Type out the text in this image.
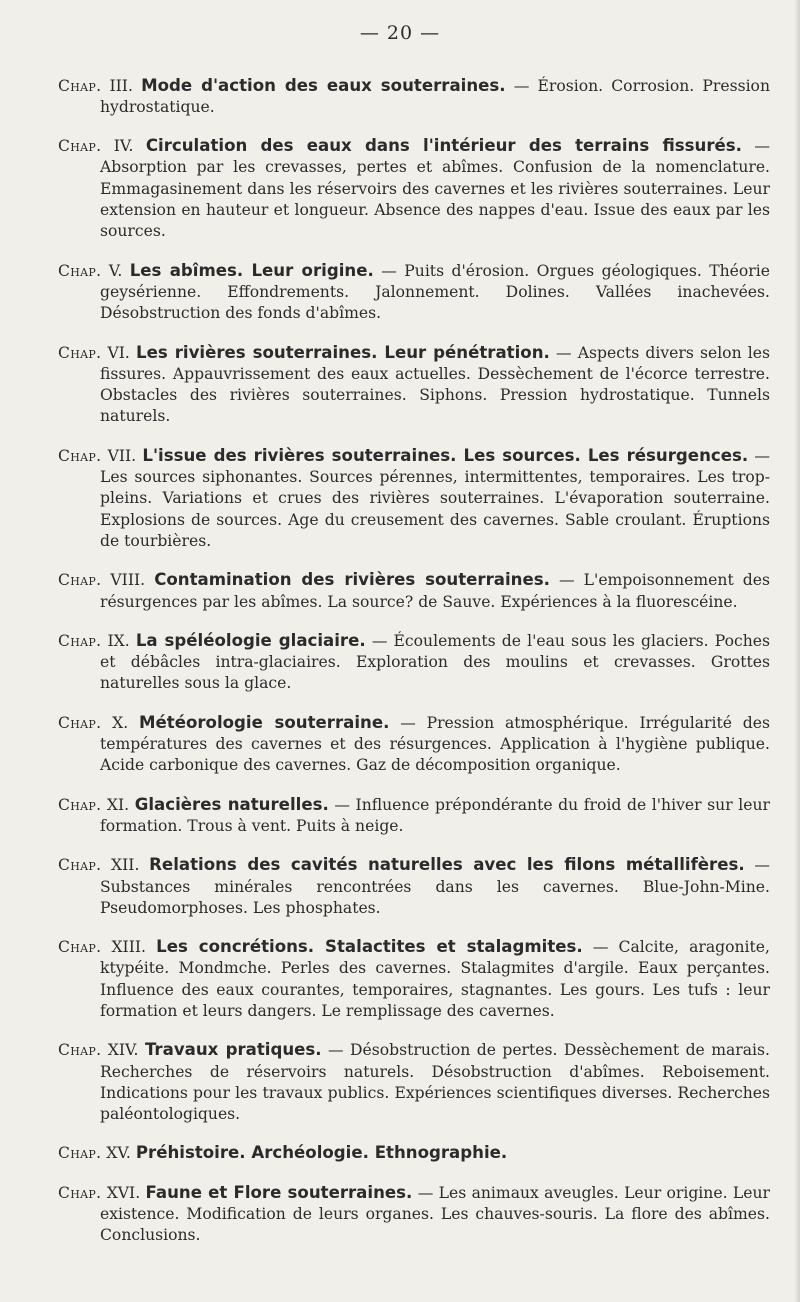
— 20 —

Chap. III. Mode d'action des eaux souterraines. — Érosion. Corrosion. Pression hydrostatique.

Chap. IV. Circulation des eaux dans l'intérieur des terrains fissurés. — Absorption par les crevasses, pertes et abîmes. Confusion de la nomenclature. Emmagasinement dans les réservoirs des cavernes et les rivières souterraines. Leur extension en hauteur et longueur. Absence des nappes d'eau. Issue des eaux par les sources.

Chap. V. Les abîmes. Leur origine. — Puits d'érosion. Orgues géologiques. Théorie geysérienne. Effondrements. Jalonnement. Dolines. Vallées inachevées. Désobstruction des fonds d'abîmes.

Chap. VI. Les rivières souterraines. Leur pénétration. — Aspects divers selon les fissures. Appauvrissement des eaux actuelles. Dessèchement de l'écorce terrestre. Obstacles des rivières souterraines. Siphons. Pression hydrostatique. Tunnels naturels.

Chap. VII. L'issue des rivières souterraines. Les sources. Les résurgences. — Les sources siphonantes. Sources pérennes, intermittentes, temporaires. Les trop-pleins. Variations et crues des rivières souterraines. L'évaporation souterraine. Explosions de sources. Age du creusement des cavernes. Sable croulant. Éruptions de tourbières.

Chap. VIII. Contamination des rivières souterraines. — L'empoisonnement des résurgences par les abîmes. La source? de Sauve. Expériences à la fluorescéine.

Chap. IX. La spéléologie glaciaire. — Écoulements de l'eau sous les glaciers. Poches et débâcles intra-glaciaires. Exploration des moulins et crevasses. Grottes naturelles sous la glace.

Chap. X. Météorologie souterraine. — Pression atmosphérique. Irrégularité des températures des cavernes et des résurgences. Application à l'hygiène publique. Acide carbonique des cavernes. Gaz de décomposition organique.

Chap. XI. Glacières naturelles. — Influence prépondérante du froid de l'hiver sur leur formation. Trous à vent. Puits à neige.

Chap. XII. Relations des cavités naturelles avec les filons métallifères. — Substances minérales rencontrées dans les cavernes. Blue-John-Mine. Pseudomorphoses. Les phosphates.

Chap. XIII. Les concrétions. Stalactites et stalagmites. — Calcite, aragonite, ktypéite. Mondmche. Perles des cavernes. Stalagmites d'argile. Eaux perçantes. Influence des eaux courantes, temporaires, stagnantes. Les gours. Les tufs : leur formation et leurs dangers. Le remplissage des cavernes.

Chap. XIV. Travaux pratiques. — Désobstruction de pertes. Dessèchement de marais. Recherches de réservoirs naturels. Désobstruction d'abîmes. Reboisement. Indications pour les travaux publics. Expériences scientifiques diverses. Recherches paléontologiques.

Chap. XV. Préhistoire. Archéologie. Ethnographie.

Chap. XVI. Faune et Flore souterraines. — Les animaux aveugles. Leur origine. Leur existence. Modification de leurs organes. Les chauves-souris. La flore des abîmes. Conclusions.
